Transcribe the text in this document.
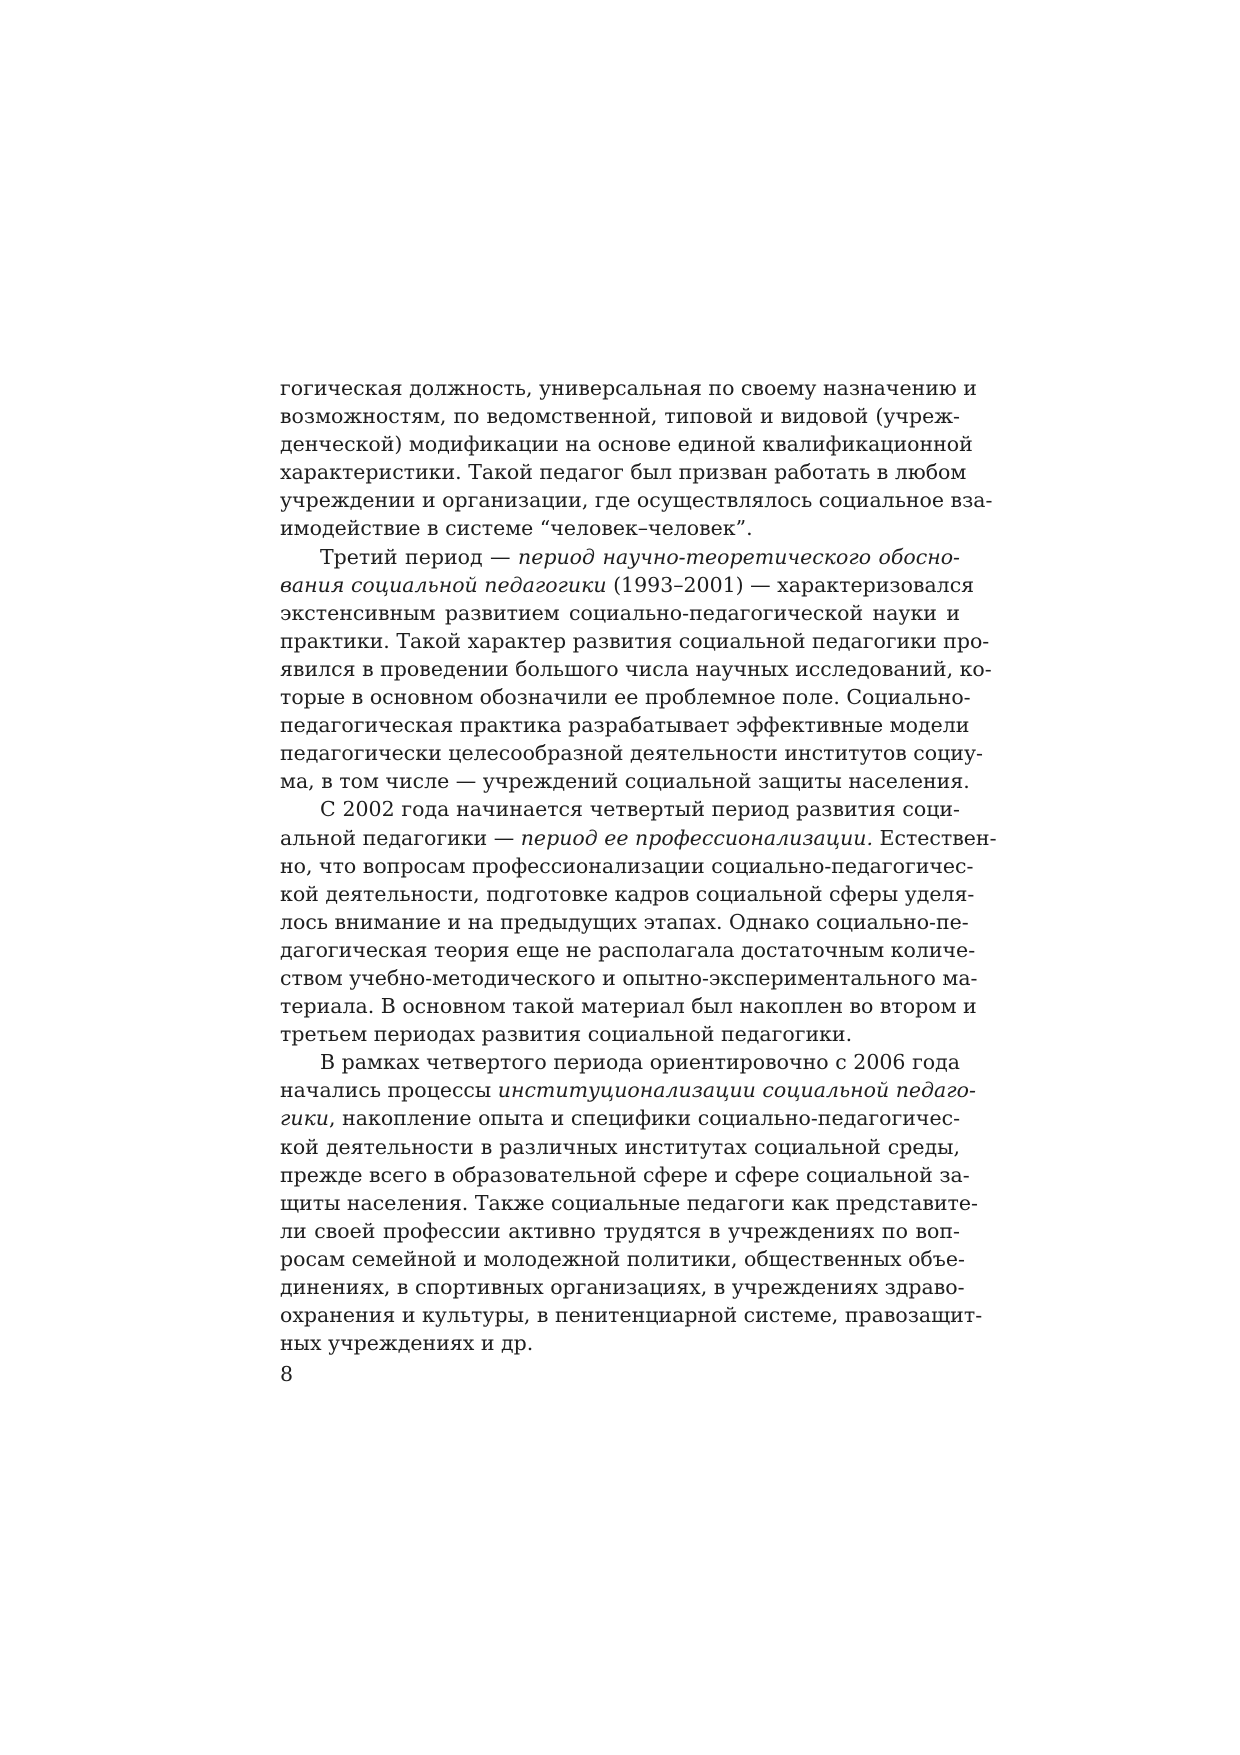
гогическая должность, универсальная по своему назначению и
возможностям, по ведомственной, типовой и видовой (учреж-
денческой) модификации на основе единой квалификационной
характеристики. Такой педагог был призван работать в любом
учреждении и организации, где осуществлялось социальное вза-
имодействие в системе “человек–человек”.
Третий период — период научно-теоретического обосно-
вания социальной педагогики (1993–2001) — характеризовался
экстенсивным развитием социально-педагогической науки и
практики. Такой характер развития социальной педагогики про-
явился в проведении большого числа научных исследований, ко-
торые в основном обозначили ее проблемное поле. Социально-
педагогическая практика разрабатывает эффективные модели
педагогически целесообразной деятельности институтов социу-
ма, в том числе — учреждений социальной защиты населения.
С 2002 года начинается четвертый период развития соци-
альной педагогики — период ее профессионализации. Естествен-
но, что вопросам профессионализации социально-педагогичес-
кой деятельности, подготовке кадров социальной сферы уделя-
лось внимание и на предыдущих этапах. Однако социально-пе-
дагогическая теория еще не располагала достаточным количе-
ством учебно-методического и опытно-экспериментального ма-
териала. В основном такой материал был накоплен во втором и
третьем периодах развития социальной педагогики.
В рамках четвертого периода ориентировочно с 2006 года
начались процессы институционализации социальной педаго-
гики, накопление опыта и специфики социально-педагогичес-
кой деятельности в различных институтах социальной среды,
прежде всего в образовательной сфере и сфере социальной за-
щиты населения. Также социальные педагоги как представите-
ли своей профессии активно трудятся в учреждениях по воп-
росам семейной и молодежной политики, общественных объе-
динениях, в спортивных организациях, в учреждениях здраво-
охранения и культуры, в пенитенциарной системе, правозащит-
ных учреждениях и др.
8
